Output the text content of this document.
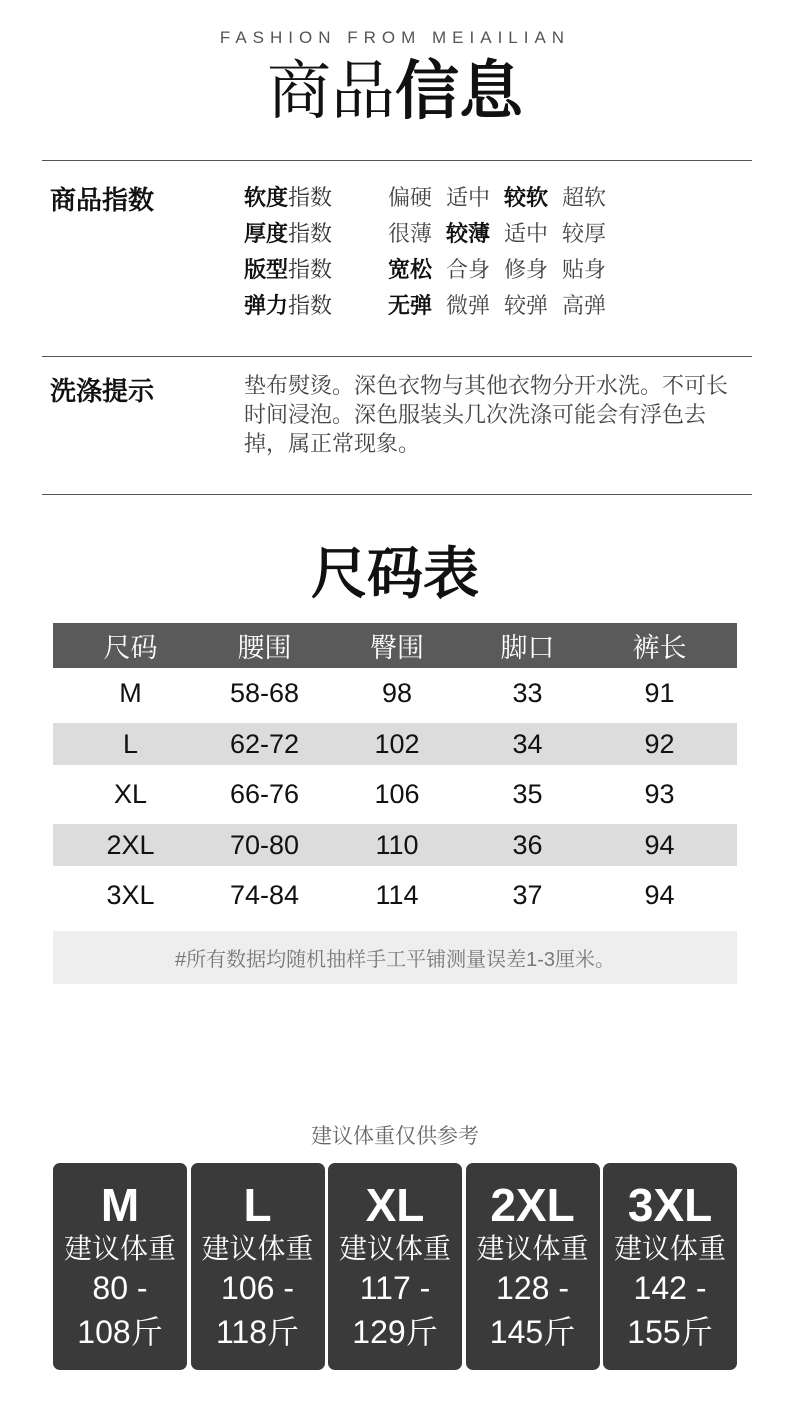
FASHION FROM MEIAILIAN
商品信息
商品指数	软度指数	偏硬 适中 较软 超软
厚度指数	很薄 较薄 适中 较厚
版型指数	宽松 合身 修身 贴身
弹力指数	无弹 微弹 较弹 高弹
洗涤提示	垫布熨烫。深色衣物与其他衣物分开水洗。不可长时间浸泡。深色服装头几次洗涤可能会有浮色去掉，属正常现象。
尺码表
尺码	腰围	臀围	脚口	裤长
M	58-68	98	33	91
L	62-72	102	34	92
XL	66-76	106	35	93
2XL	70-80	110	36	94
3XL	74-84	114	37	94
#所有数据均随机抽样手工平铺测量误差1-3厘米。
建议体重仅供参考
M
建议体重
80 -
108斤
L
建议体重
106 -
118斤
XL
建议体重
117 -
129斤
2XL
建议体重
128 -
145斤
3XL
建议体重
142 -
155斤
